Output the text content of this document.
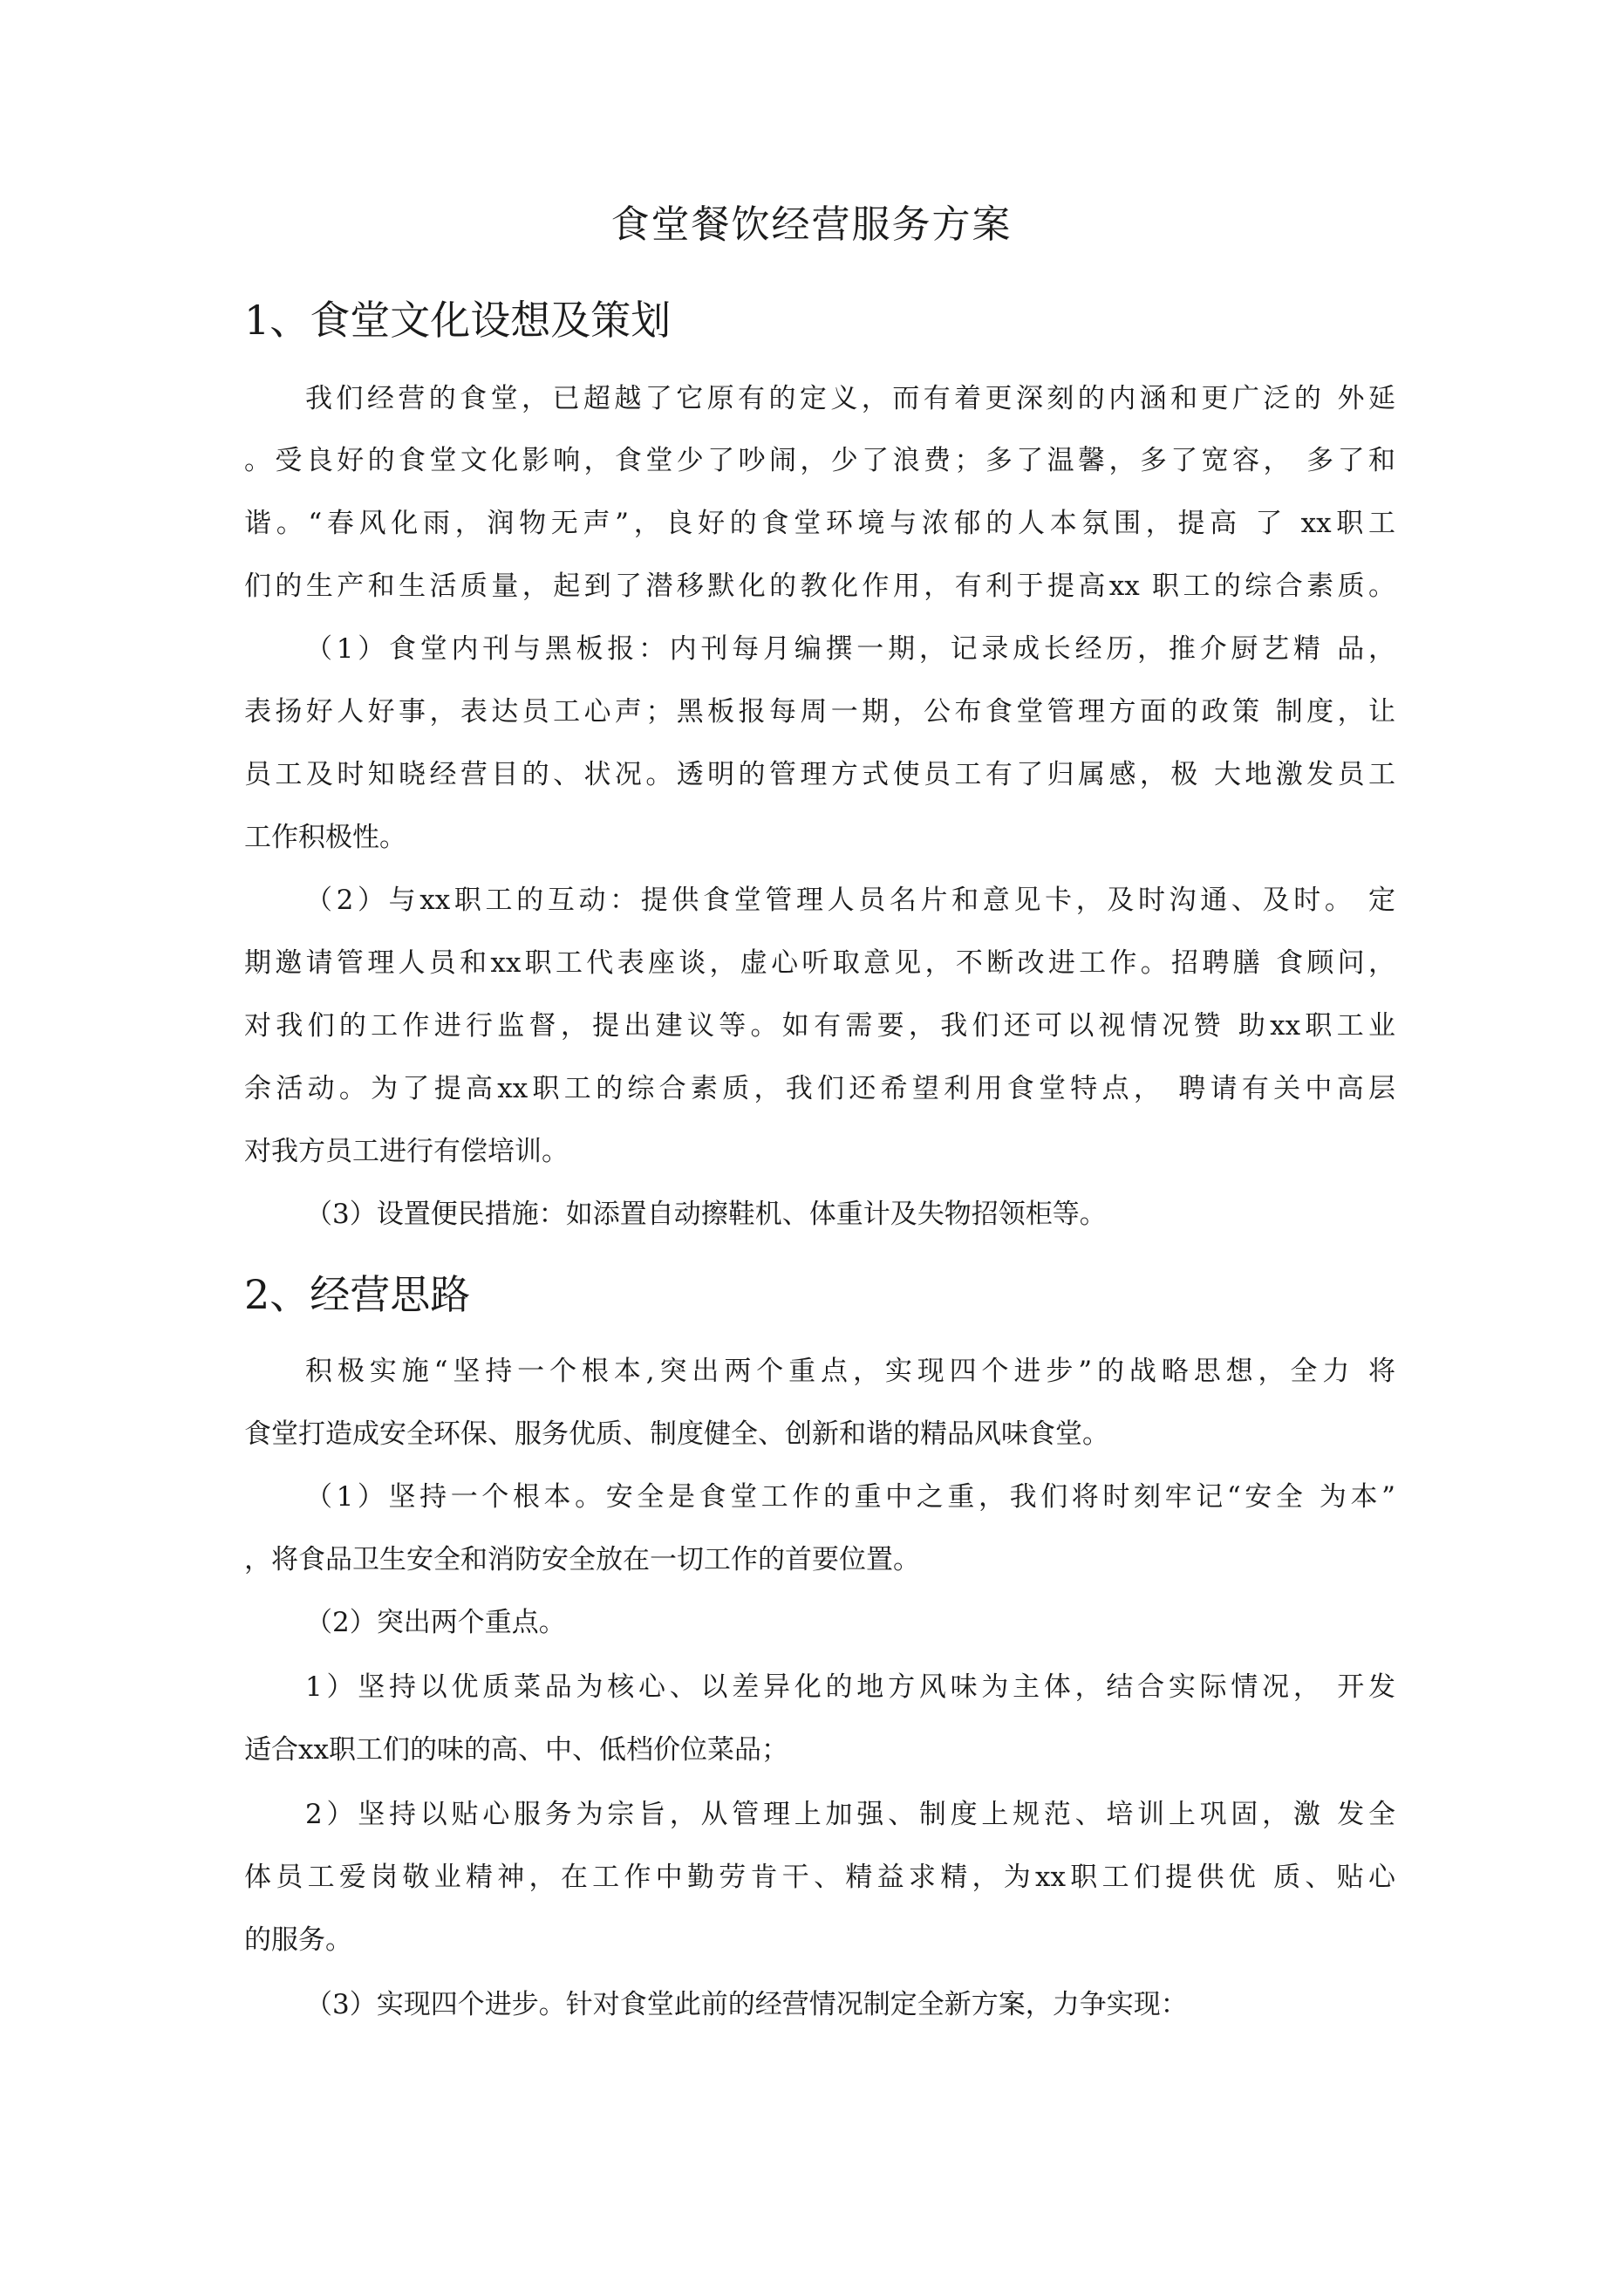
食堂餐饮经营服务方案
1、食堂文化设想及策划

我们经营的食堂，已超越了它原有的定义，而有着更深刻的内涵和更广泛的 外延

。受良好的食堂文化影响，食堂少了吵闹，少了浪费；多了温馨，多了宽容， 多了和

谐。“春风化雨，润物无声”，良好的食堂环境与浓郁的人本氛围，提高 了 xx职工

们的生产和生活质量，起到了潜移默化的教化作用，有利于提高xx 职工的综合素质。

（1）食堂内刊与黑板报：内刊每月编撰一期，记录成长经历，推介厨艺精 品，

表扬好人好事，表达员工心声；黑板报每周一期，公布食堂管理方面的政策 制度，让

员工及时知晓经营目的、状况。透明的管理方式使员工有了归属感，极 大地激发员工

工作积极性。

（2）与xx职工的互动：提供食堂管理人员名片和意见卡，及时沟通、及时。 定

期邀请管理人员和xx职工代表座谈，虚心听取意见，不断改进工作。招聘膳 食顾问，

对我们的工作进行监督，提出建议等。如有需要，我们还可以视情况赞 助xx职工业

余活动。为了提高xx职工的综合素质，我们还希望利用食堂特点， 聘请有关中高层

对我方员工进行有偿培训。

（3）设置便民措施：如添置自动擦鞋机、体重计及失物招领柜等。

2、经营思路

积极实施“坚持一个根本,突出两个重点，实现四个进步”的战略思想，全力 将

食堂打造成安全环保、服务优质、制度健全、创新和谐的精品风味食堂。

（1）坚持一个根本。安全是食堂工作的重中之重，我们将时刻牢记“安全 为本”

，将食品卫生安全和消防安全放在一切工作的首要位置。

（2）突出两个重点。

1）坚持以优质菜品为核心、以差异化的地方风味为主体，结合实际情况， 开发

适合xx职工们的味的高、中、低档价位菜品；

2）坚持以贴心服务为宗旨，从管理上加强、制度上规范、培训上巩固，激 发全

体员工爱岗敬业精神，在工作中勤劳肯干、精益求精，为xx职工们提供优 质、贴心

的服务。

（3）实现四个进步。针对食堂此前的经营情况制定全新方案，力争实现：
